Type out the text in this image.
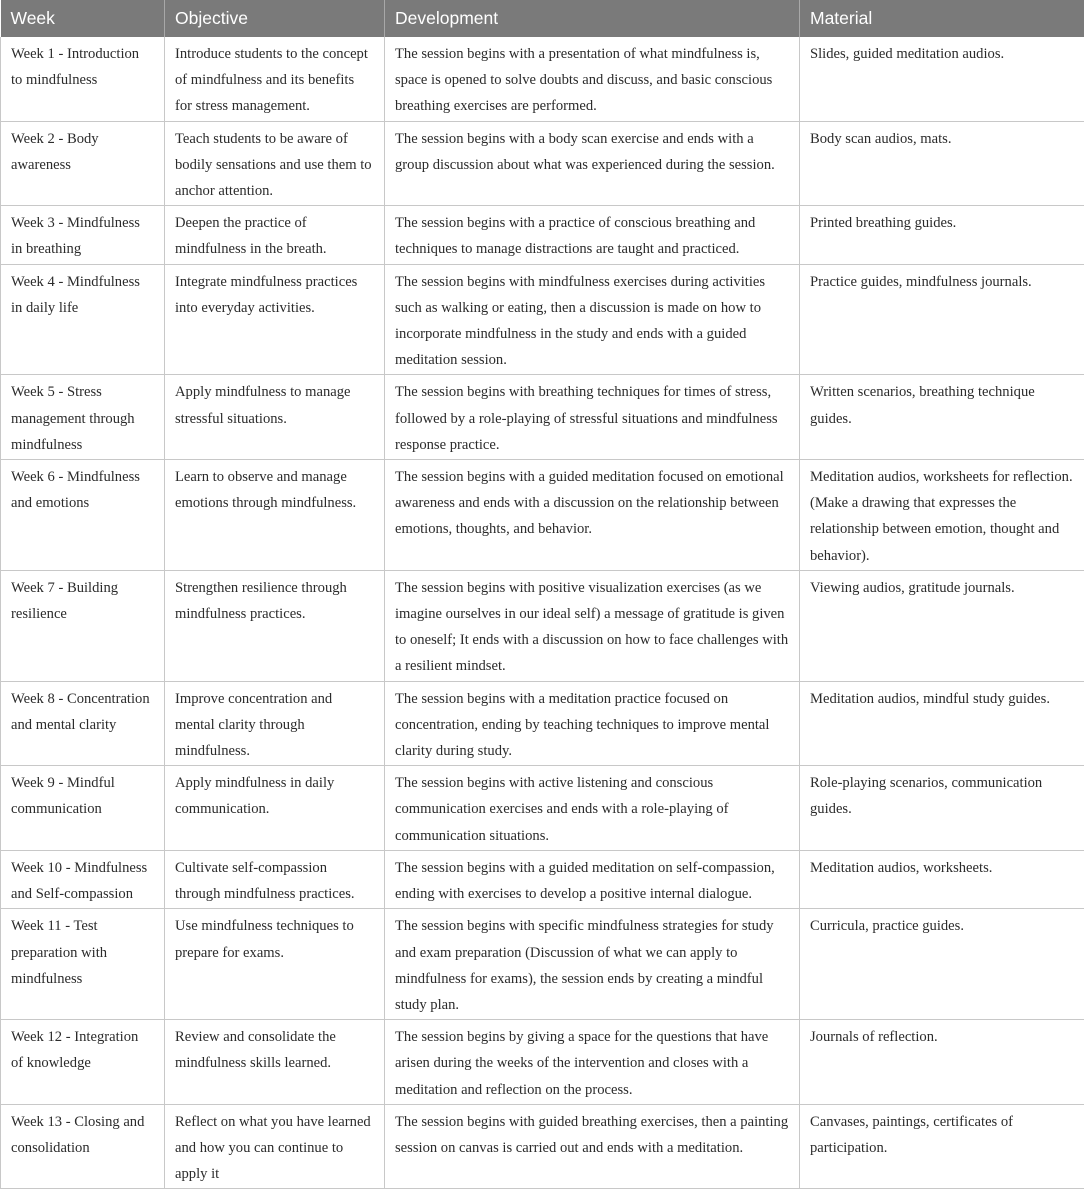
Week	Objective	Development	Material
Week 1 - Introduction to mindfulness	Introduce students to the concept of mindfulness and its benefits for stress management.	The session begins with a presentation of what mindfulness is, space is opened to solve doubts and discuss, and basic conscious breathing exercises are performed.	Slides, guided meditation audios.
Week 2 - Body awareness	Teach students to be aware of bodily sensations and use them to anchor attention.	The session begins with a body scan exercise and ends with a group discussion about what was experienced during the session.	Body scan audios, mats.
Week 3 - Mindfulness in breathing	Deepen the practice of mindfulness in the breath.	The session begins with a practice of conscious breathing and techniques to manage distractions are taught and practiced.	Printed breathing guides.
Week 4 - Mindfulness in daily life	Integrate mindfulness practices into everyday activities.	The session begins with mindfulness exercises during activities such as walking or eating, then a discussion is made on how to incorporate mindfulness in the study and ends with a guided meditation session.	Practice guides, mindfulness journals.
Week 5 - Stress management through mindfulness	Apply mindfulness to manage stressful situations.	The session begins with breathing techniques for times of stress, followed by a role-playing of stressful situations and mindfulness response practice.	Written scenarios, breathing technique guides.
Week 6 - Mindfulness and emotions	Learn to observe and manage emotions through mindfulness.	The session begins with a guided meditation focused on emotional awareness and ends with a discussion on the relationship between emotions, thoughts, and behavior.	Meditation audios, worksheets for reflection. (Make a drawing that expresses the relationship between emotion, thought and behavior).
Week 7 - Building resilience	Strengthen resilience through mindfulness practices.	The session begins with positive visualization exercises (as we imagine ourselves in our ideal self) a message of gratitude is given to oneself; It ends with a discussion on how to face challenges with a resilient mindset.	Viewing audios, gratitude journals.
Week 8 - Concentration and mental clarity	Improve concentration and mental clarity through mindfulness.	The session begins with a meditation practice focused on concentration, ending by teaching techniques to improve mental clarity during study.	Meditation audios, mindful study guides.
Week 9 - Mindful communication	Apply mindfulness in daily communication.	The session begins with active listening and conscious communication exercises and ends with a role-playing of communication situations.	Role-playing scenarios, communication guides.
Week 10 - Mindfulness and Self-compassion	Cultivate self-compassion through mindfulness practices.	The session begins with a guided meditation on self-compassion, ending with exercises to develop a positive internal dialogue.	Meditation audios, worksheets.
Week 11 - Test preparation with mindfulness	Use mindfulness techniques to prepare for exams.	The session begins with specific mindfulness strategies for study and exam preparation (Discussion of what we can apply to mindfulness for exams), the session ends by creating a mindful study plan.	Curricula, practice guides.
Week 12 - Integration of knowledge	Review and consolidate the mindfulness skills learned.	The session begins by giving a space for the questions that have arisen during the weeks of the intervention and closes with a meditation and reflection on the process.	Journals of reflection.
Week 13 - Closing and consolidation	Reflect on what you have learned and how you can continue to apply it	The session begins with guided breathing exercises, then a painting session on canvas is carried out and ends with a meditation.	Canvases, paintings, certificates of participation.
